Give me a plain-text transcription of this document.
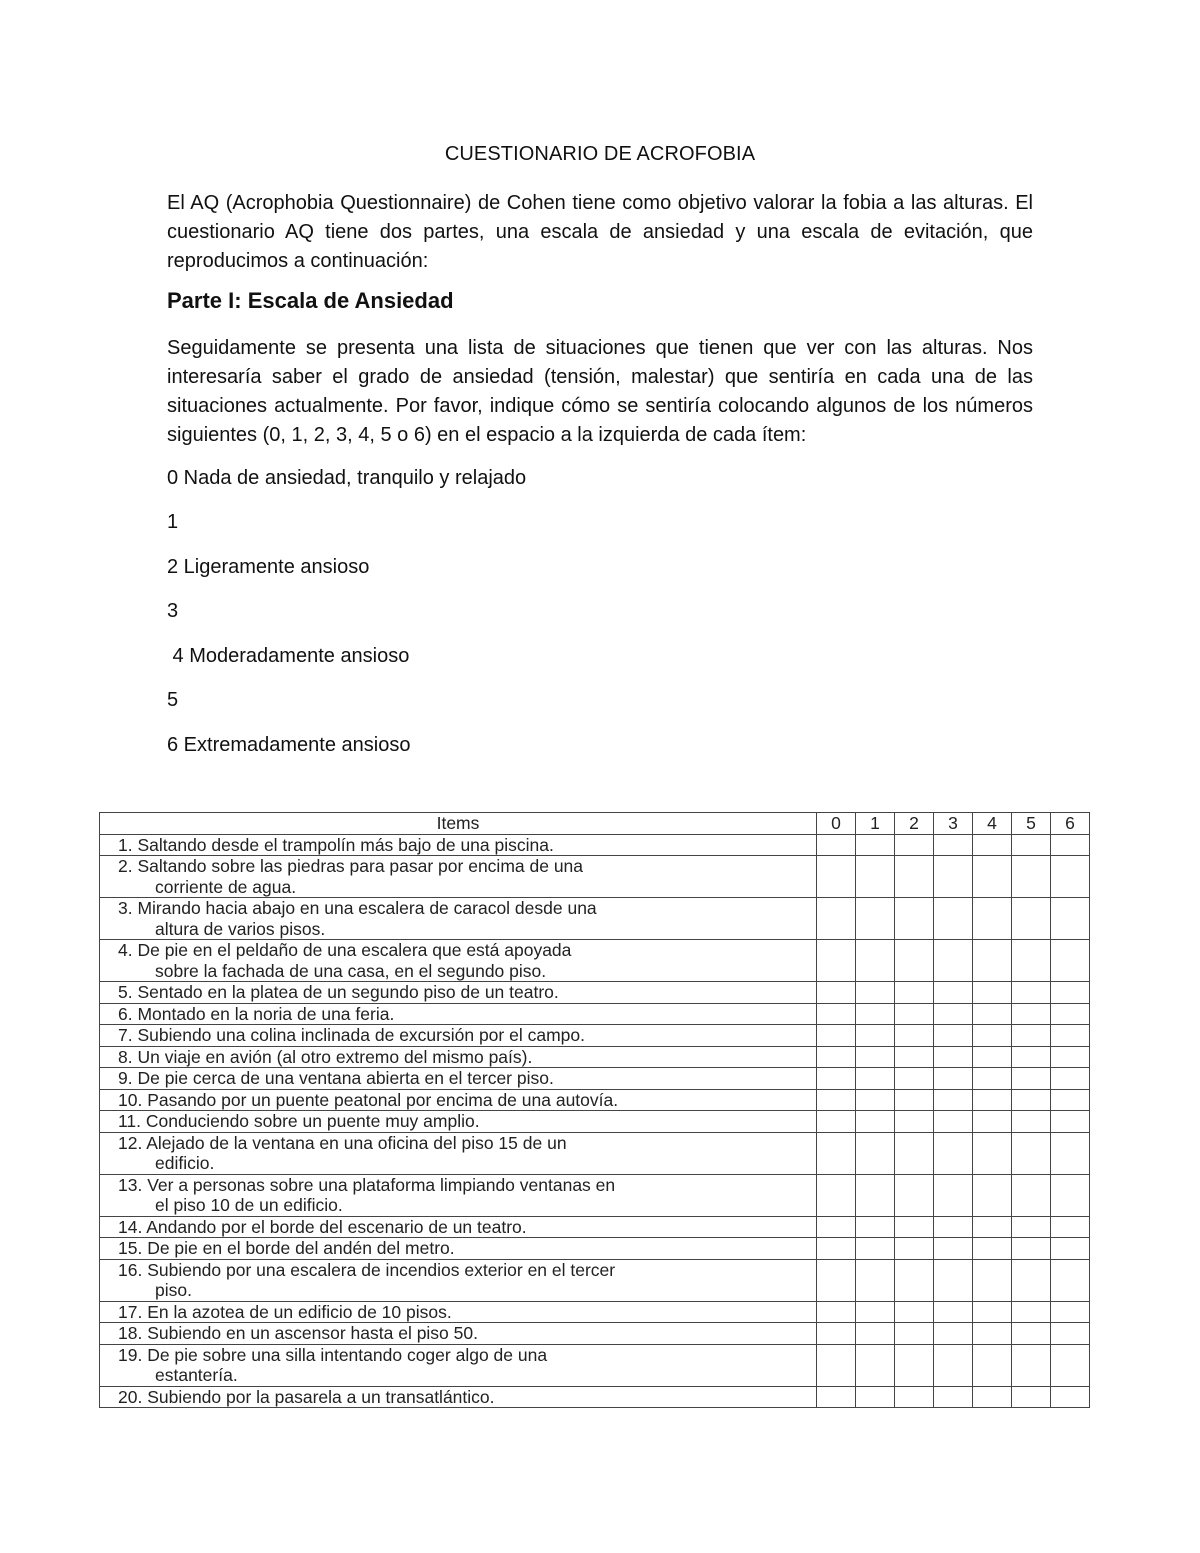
CUESTIONARIO DE ACROFOBIA
El AQ (Acrophobia Questionnaire) de Cohen tiene como objetivo valorar la fobia a las alturas. El cuestionario AQ tiene dos partes, una escala de ansiedad y una escala de evitación, que reproducimos a continuación:
Parte I: Escala de Ansiedad
Seguidamente se presenta una lista de situaciones que tienen que ver con las alturas. Nos interesaría saber el grado de ansiedad (tensión, malestar) que sentiría en cada una de las situaciones actualmente. Por favor, indique cómo se sentiría colocando algunos de los números siguientes (0, 1, 2, 3, 4, 5 o 6) en el espacio a la izquierda de cada ítem:
0 Nada de ansiedad, tranquilo y relajado
1
2 Ligeramente ansioso
3
4 Moderadamente ansioso
5
6 Extremadamente ansioso
Items	0	1	2	3	4	5	6
1. Saltando desde el trampolín más bajo de una piscina.							
2. Saltando sobre las piedras para pasar por encima de una
corriente de agua.							

3. Mirando hacia abajo en una escalera de caracol desde una
altura de varios pisos.							

4. De pie en el peldaño de una escalera que está apoyada
sobre la fachada de una casa, en el segundo piso.							

5. Sentado en la platea de un segundo piso de un teatro.							
6. Montado en la noria de una feria.							
7. Subiendo una colina inclinada de excursión por el campo.							
8. Un viaje en avión (al otro extremo del mismo país).							
9. De pie cerca de una ventana abierta en el tercer piso.							
10. Pasando por un puente peatonal por encima de una autovía.							
11. Conduciendo sobre un puente muy amplio.							
12. Alejado de la ventana en una oficina del piso 15 de un
edificio.							

13. Ver a personas sobre una plataforma limpiando ventanas en
el piso 10 de un edificio.							

14. Andando por el borde del escenario de un teatro.							
15. De pie en el borde del andén del metro.							
16. Subiendo por una escalera de incendios exterior en el tercer
piso.							

17. En la azotea de un edificio de 10 pisos.							
18. Subiendo en un ascensor hasta el piso 50.							
19. De pie sobre una silla intentando coger algo de una
estantería.							

20. Subiendo por la pasarela a un transatlántico.							
